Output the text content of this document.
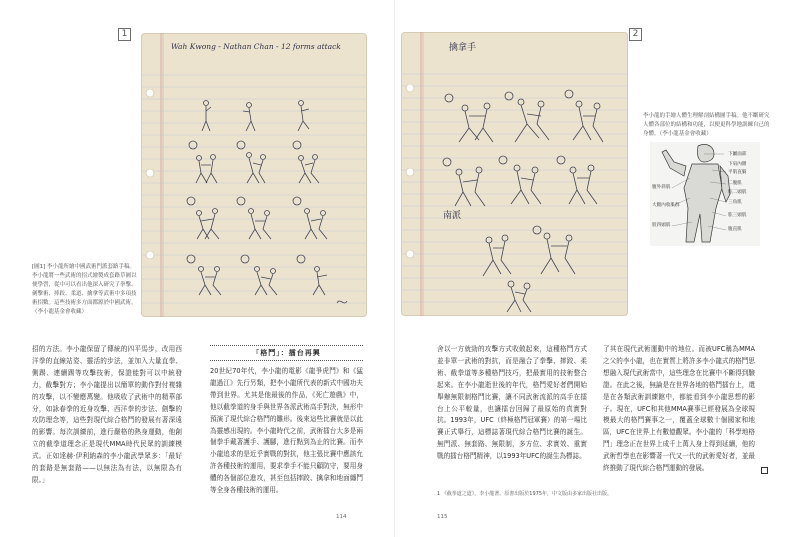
1
Wah Kwong - Nathan Chan - 12 forms attack
[圖1] 李小龍所繪中國武術門派套路手稿。李小龍將一些武術的招式繪製成套路草圖以便學習，從中可以看出他深入研究了拳擊、劍擊術、摔跤、柔道、擒拿等武術中多項技術招數。這些技術多方面都源於中國武術。（李小龍基金會收藏）

招的方法。李小龍保留了傳統的四平馬步，改用西洋拳的直線站姿、靈活的步法，並加入大量直拳、側踢、連續踢等攻擊技術，保證能對可以中統發力，截擊對方；李小龍提出以簡單的動作對付複雜的攻擊，以不變應萬變。他吸收了武術中的精華部分，如詠春拳的近身攻擊、西洋拳的步法、劍擊的攻防理念等，這些對現代綜合格鬥的發展有著深遠的影響。每次訓練前，進行嚴格的熱身運動，他創立的截拳道理念正是現代MMA時代民眾的訓練模式。正如達赫·伊利納森的李小龍武學眾多：「最好的套路是無套路——以無法為有法，以無限為有限。」

「格鬥」：擂台再興

20世紀70年代，李小龍的電影《龍爭虎鬥》和《猛龍過江》先行另類，把李小龍所代表的新式中國功夫帶到世界。尤其是他最後的作品，《死亡遊戲》中，他以截拳道的身手與世界各派武術高手對決，無形中預演了現代綜合格鬥的雛形。後來這些比賽就是以此為靈感出現的。李小龍時代之前，武術擂台大多是兩個拳手戴著護手、護腳，進行點到為止的比賽。而李小龍追求的是近乎實戰的對抗，他主張比賽中應該允許各種技術的運用，要求拳手不能只顧防守，要用身體的各個部位進攻，甚至包括摔跤、擒拿和地面纏鬥等全身各種技術的運用。

114
2
擒拿手
南派
李小龍的手繪人體生理解剖結構圖手稿。他不斷研究人體各部位的結構和功能，以便更科學地訓練自己的身體。（李小龍基金會收藏）
下屬面部
下肩內側
平肌直膈
二腹肌
肱二頭肌
三角肌
肱三頭肌
腹直肌
腹外斜肌
大腿內收肌群
股四頭肌

舍以一方就勁的攻擊方式收斂起來，這種格鬥方式並非單一武術的對抗，而是融合了拳擊、摔跤、柔術、截拳道等多種格鬥技巧，把最實用的技術整合起來。在李小龍逝世後的年代，格鬥愛好者們開始舉辦無限制格鬥比賽，讓不同武術流派的高手在擂台上公平較量，也讓擂台回歸了最原始的真實對抗。1993年，UFC（終極格鬥冠軍賽）的第一場比賽正式舉行，這標誌著現代綜合格鬥比賽的誕生。無門派、無套路、無限制，多方位、求實效、重實戰的擂台格鬥精神，以1993年UFC的誕生為標誌。

了其在現代武術運動中的地位。而被UFC稱為MMA之父的李小龍，也在實質上將許多李小龍式的格鬥思想融入現代武術當中，這些理念在比賽中不斷得到驗證。在此之後，無論是在世界各地的格鬥擂台上，還是在各類武術訓練館中，都能看到李小龍思想的影子。現在，UFC和其他MMA賽事已經發展為全球規模最大的格鬥賽事之一，覆蓋全球數十個國家和地區，UFC在世界上有數億觀眾。李小龍的「科學地格鬥」理念正在世界上成千上萬人身上得到延續，他的武術哲學也在影響著一代又一代的武術愛好者，並最終推動了現代綜合格鬥運動的發展。

1 《截拳道之道》，李小龍著。原書出版於1975年，中文版由多家出版社出版。
115
